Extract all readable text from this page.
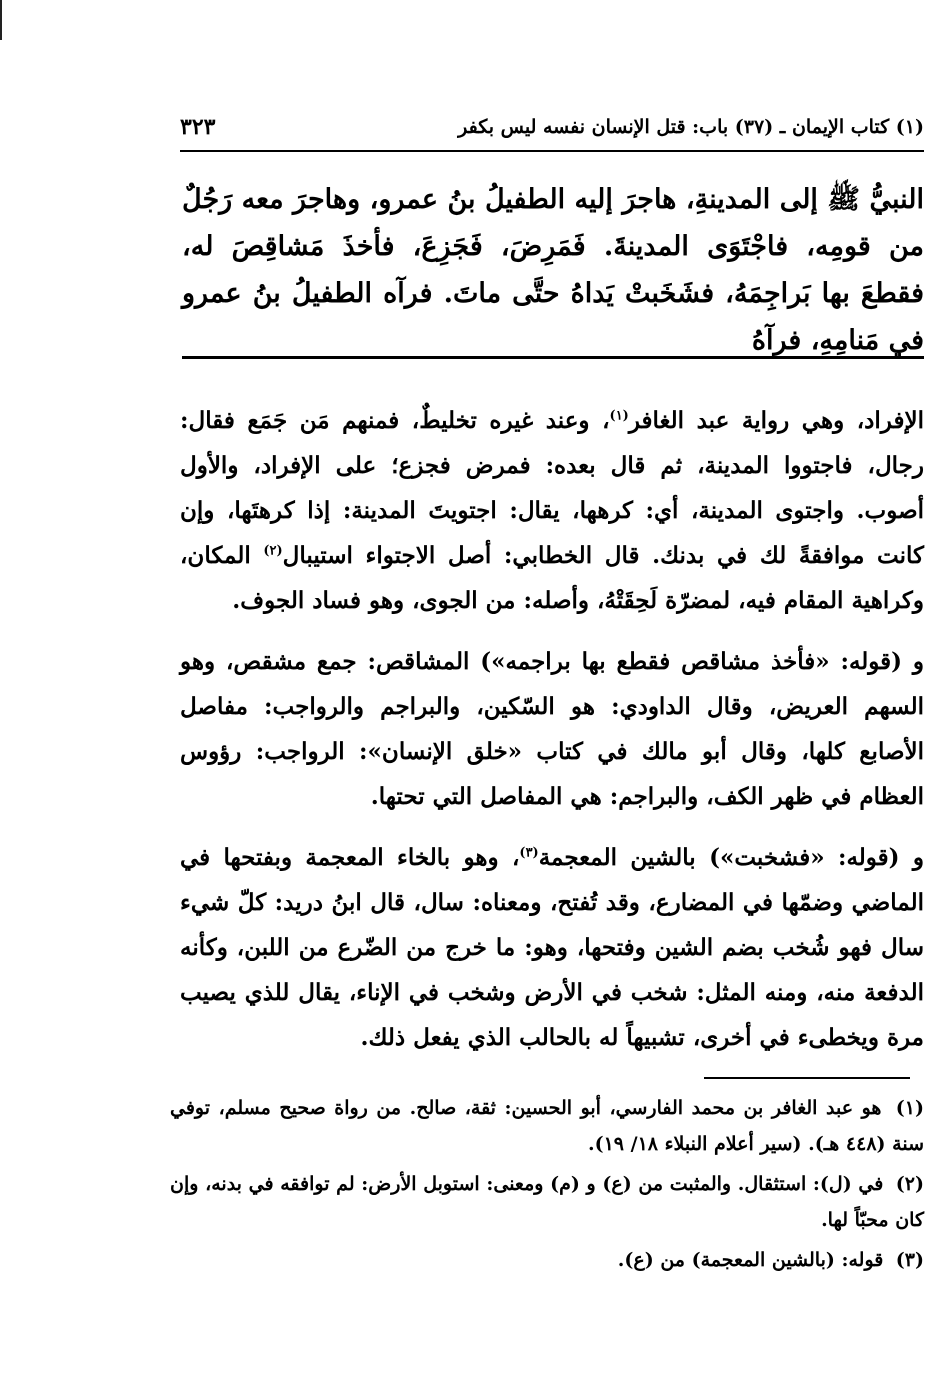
(١) كتاب الإيمان ـ (٣٧) باب: قتل الإنسان نفسه ليس بكفر
٣٢٣
النبيُّ ﷺ إلى المدينةِ، هاجرَ إليه الطفيلُ بنُ عمرو، وهاجرَ معه رَجُلٌ من قومِه، فاجْتَوَى المدينةَ. فَمَرِضَ، فَجَزِعَ، فأخذَ مَشاقِصَ له، فقطعَ بها بَراجِمَهُ، فشَخَبتْ يَداهُ حتَّى ماتَ. فرآه الطفيلُ بنُ عمرو في مَنامِهِ، فرآهُ

الإفراد، وهي رواية عبد الغافر$^{(١)}$، وعند غيره تخليطٌ، فمنهم مَن جَمَع فقال: رجال، فاجتووا المدينة، ثم قال بعده: فمرض فجزع؛ على الإفراد، والأول أصوب. واجتوى المدينة، أي: كرهها، يقال: اجتويتَ المدينة: إذا كرهتَها، وإن كانت موافقةً لك في بدنك. قال الخطابي: أصل الاجتواء استيبال$^{(٢)}$ المكان، وكراهية المقام فيه، لمضرّة لَحِقَتْهُ، وأصله: من الجوى، وهو فساد الجوف.

و (قوله: «فأخذ مشاقص فقطع بها براجمه») المشاقص: جمع مشقص، وهو السهم العريض، وقال الداودي: هو السّكين، والبراجم والرواجب: مفاصل الأصابع كلها، وقال أبو مالك في كتاب «خلق الإنسان»: الرواجب: رؤوس العظام في ظهر الكف، والبراجم: هي المفاصل التي تحتها.

و (قوله: «فشخبت») بالشين المعجمة$^{(٣)}$، وهو بالخاء المعجمة وبفتحها في الماضي وضمّها في المضارع، وقد تُفتح، ومعناه: سال، قال ابنُ دريد: كلّ شيء سال فهو شُخب بضم الشين وفتحها، وهو: ما خرج من الضّرع من اللبن، وكأنه الدفعة منه، ومنه المثل: شخب في الأرض وشخب في الإناء، يقال للذي يصيب مرة ويخطىء في أخرى، تشبيهاً له بالحالب الذي يفعل ذلك.

(١) هو عبد الغافر بن محمد الفارسي، أبو الحسين: ثقة، صالح. من رواة صحيح مسلم، توفي سنة (٤٤٨ هـ). (سير أعلام النبلاء ١٨/ ١٩).
(٢) في (ل): استثقال. والمثبت من (ع) و (م) ومعنى: استوبل الأرض: لم توافقه في بدنه، وإن كان محبّاً لها.
(٣) قوله: (بالشين المعجمة) من (ع).
